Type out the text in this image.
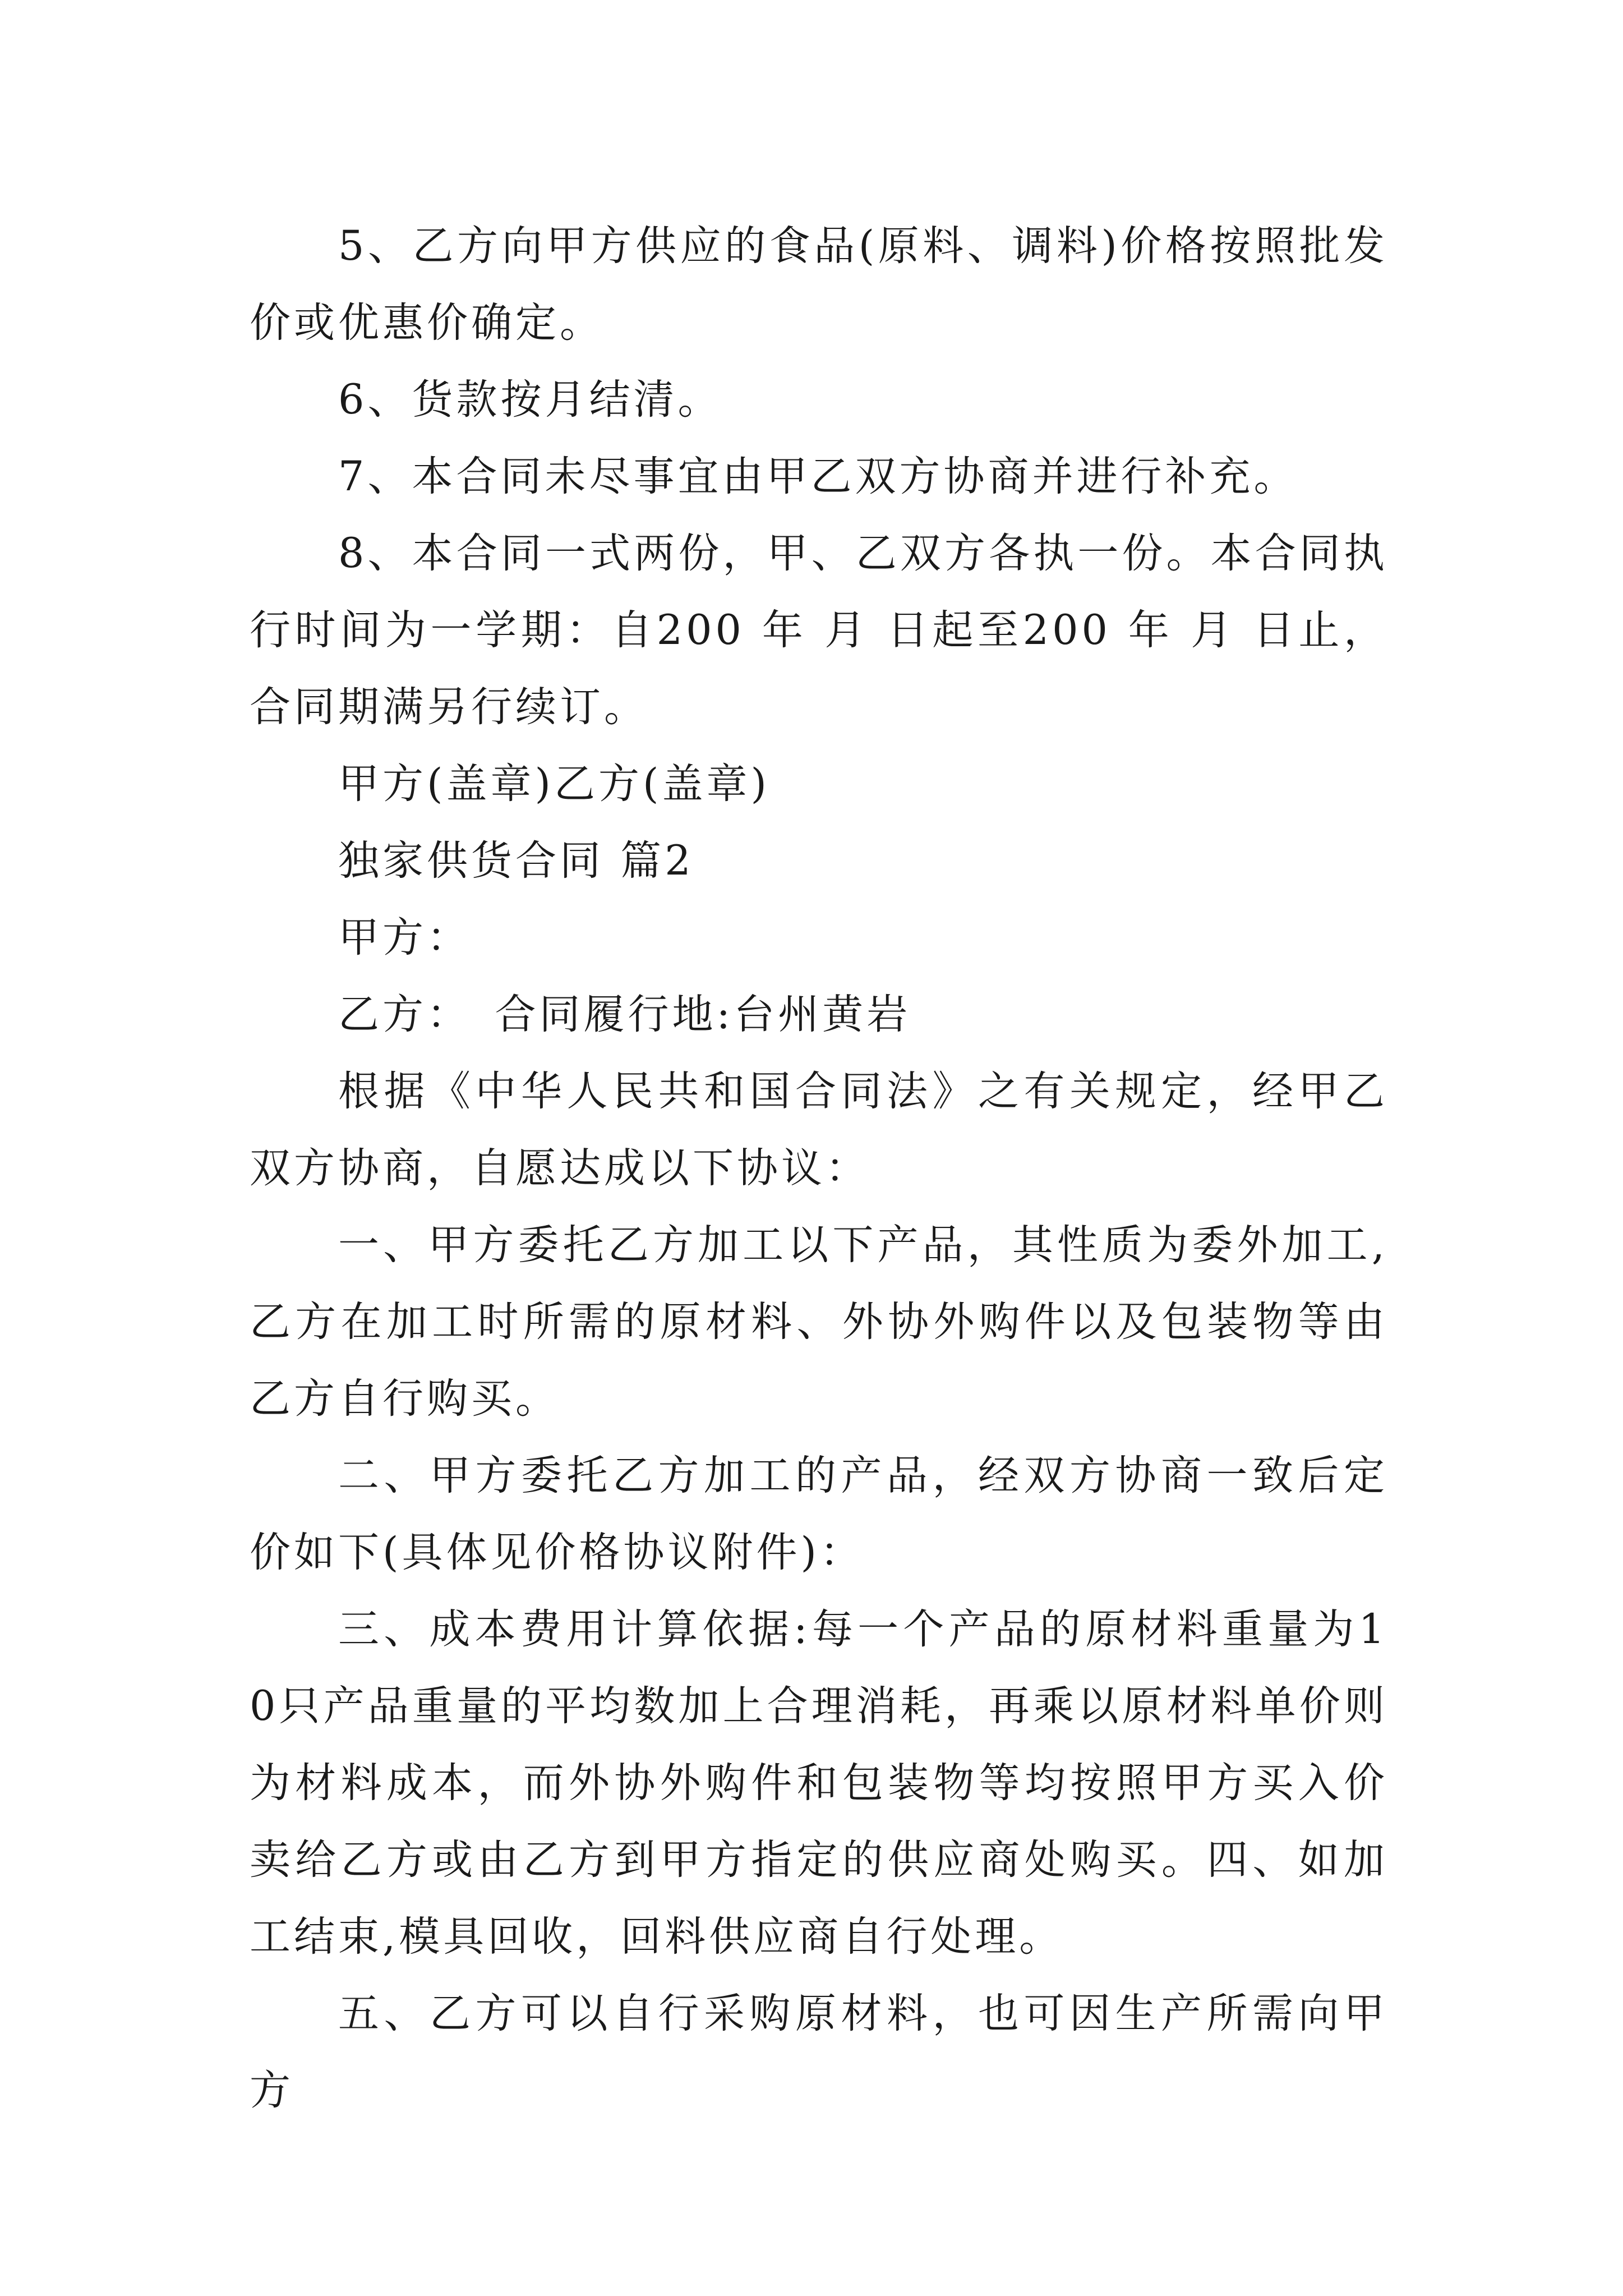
5、乙方向甲方供应的食品(原料、调料)价格按照批发价或优惠价确定。

6、货款按月结清。

7、本合同未尽事宜由甲乙双方协商并进行补充。

8、本合同一式两份，甲、乙双方各执一份。本合同执行时间为一学期：自200 年 月 日起至200 年 月 日止，合同期满另行续订。

甲方(盖章)乙方(盖章)

独家供货合同 篇2

甲方：

乙方：　合同履行地:台州黄岩

根据《中华人民共和国合同法》之有关规定，经甲乙双方协商，自愿达成以下协议：

一、甲方委托乙方加工以下产品，其性质为委外加工,乙方在加工时所需的原材料、外协外购件以及包装物等由乙方自行购买。

二、甲方委托乙方加工的产品，经双方协商一致后定价如下(具体见价格协议附件)：

三、成本费用计算依据:每一个产品的原材料重量为10只产品重量的平均数加上合理消耗，再乘以原材料单价则为材料成本，而外协外购件和包装物等均按照甲方买入价卖给乙方或由乙方到甲方指定的供应商处购买。四、如加工结束,模具回收，回料供应商自行处理。

五、乙方可以自行采购原材料，也可因生产所需向甲方
